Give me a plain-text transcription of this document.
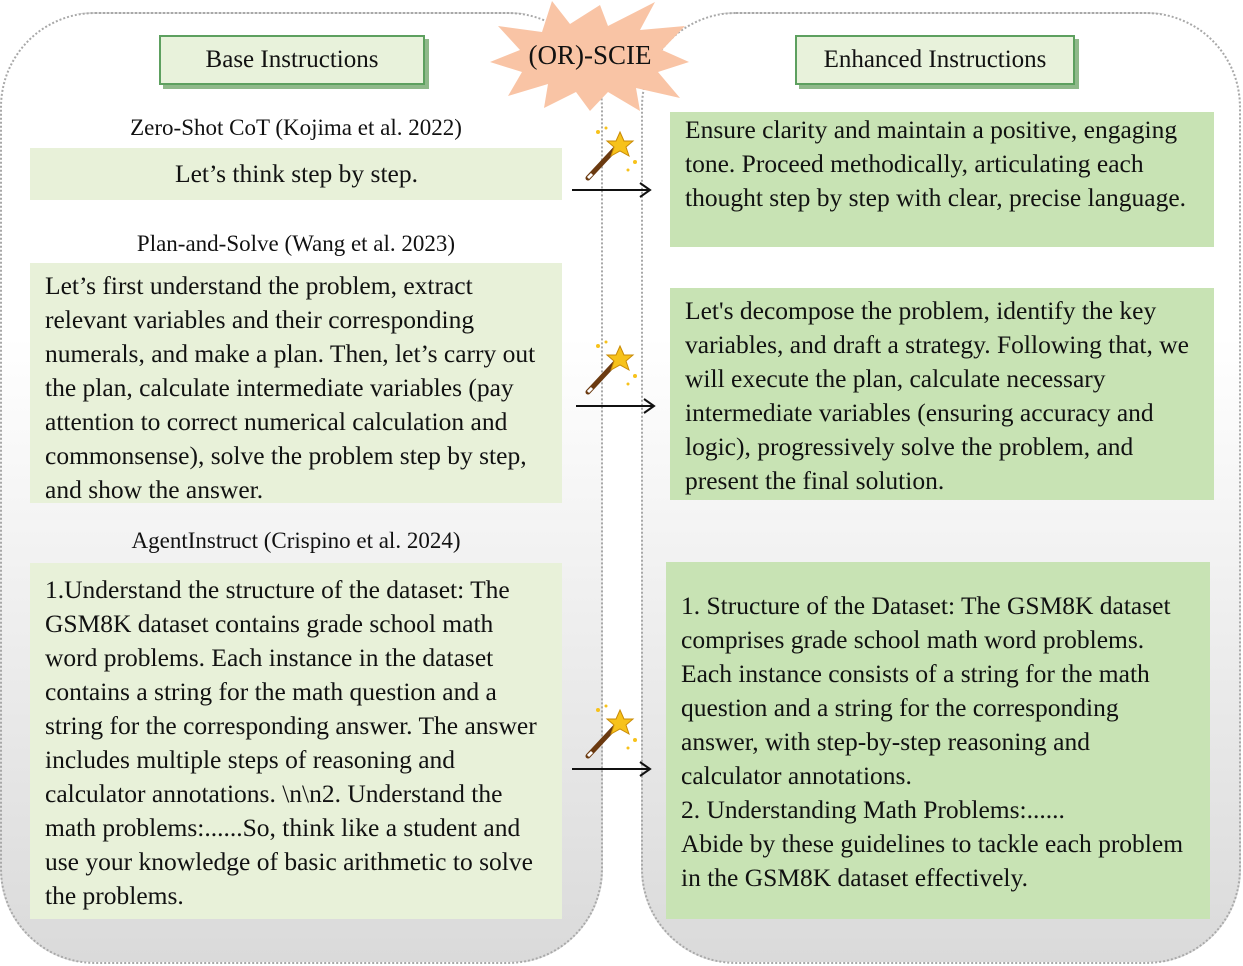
(OR)-SCIE
Base Instructions	Enhanced Instructions
Zero-Shot CoT (Kojima et al. 2022)
Let’s think step by step.
Plan-and-Solve (Wang et al. 2023)
Let’s first understand the problem, extract relevant variables and their corresponding numerals, and make a plan. Then, let’s carry out the plan, calculate intermediate variables (pay attention to correct numerical calculation and commonsense), solve the problem step by step, and show the answer.
AgentInstruct (Crispino et al. 2024)
1.Understand the structure of the dataset: The GSM8K dataset contains grade school math word problems. Each instance in the dataset contains a string for the math question and a string for the corresponding answer. The answer includes multiple steps of reasoning and calculator annotations. \n\n2. Understand the math problems:......So, think like a student and use your knowledge of basic arithmetic to solve the problems.
Ensure clarity and maintain a positive, engaging tone. Proceed methodically, articulating each thought step by step with clear, precise language.
Let's decompose the problem, identify the key variables, and draft a strategy. Following that, we will execute the plan, calculate necessary intermediate variables (ensuring accuracy and logic), progressively solve the problem, and present the final solution.
1. Structure of the Dataset: The GSM8K dataset comprises grade school math word problems. Each instance consists of a string for the math question and a string for the corresponding answer, with step-by-step reasoning and calculator annotations.
2. Understanding Math Problems:......
Abide by these guidelines to tackle each problem in the GSM8K dataset effectively.
